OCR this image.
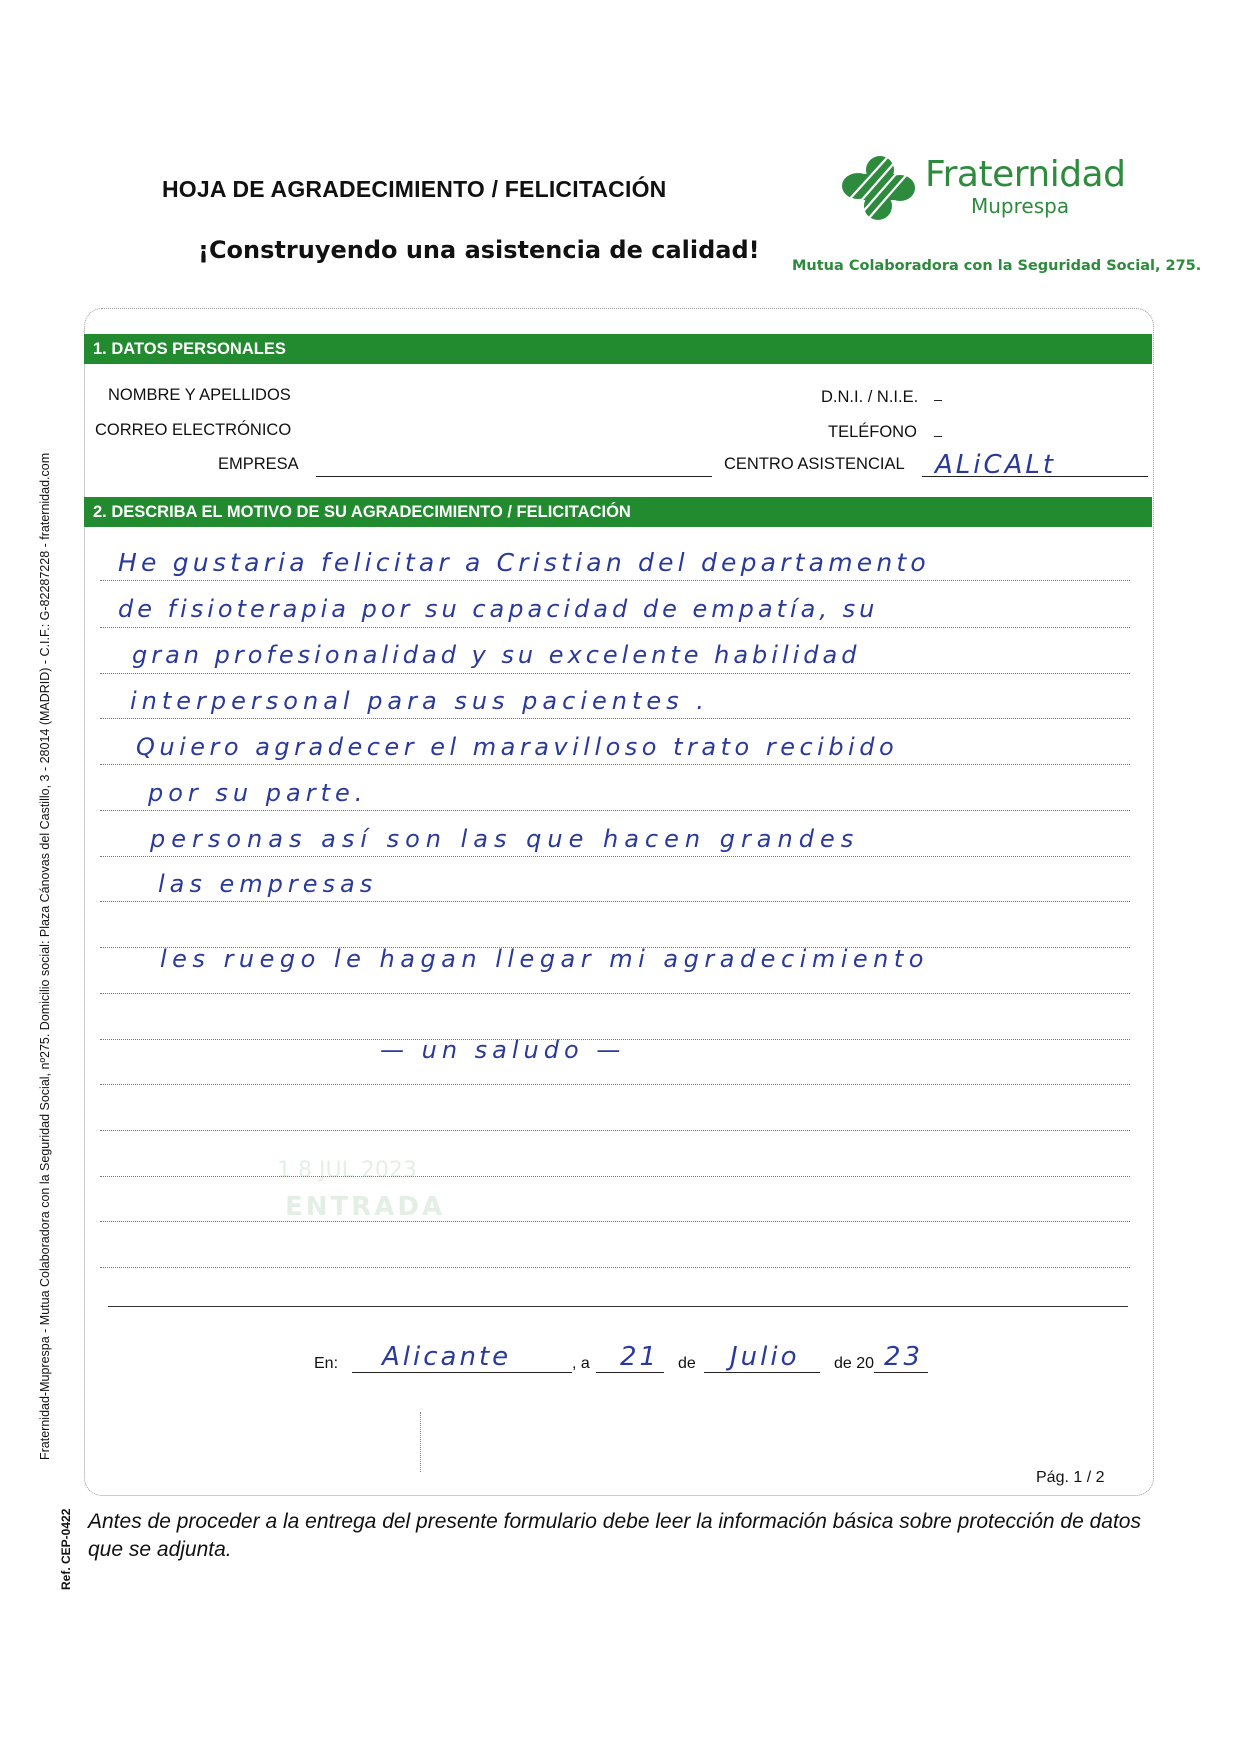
HOJA DE AGRADECIMIENTO / FELICITACIÓN
¡Construyendo una asistencia de calidad!
Fraternidad
Muprespa
Mutua Colaboradora con la Seguridad Social, 275.
1. DATOS PERSONALES
NOMBRE Y APELLIDOS
CORREO ELECTRÓNICO
EMPRESA
D.N.I. / N.I.E.
TELÉFONO
CENTRO ASISTENCIAL ALiCALt
2. DESCRIBA EL MOTIVO DE SU AGRADECIMIENTO / FELICITACIÓN
1 8 JUL 2023
ENTRADA
He gustaria felicitar a Cristian del departamento
de fisioterapia por su capacidad de empatía, su
gran profesionalidad y su excelente habilidad
interpersonal para sus pacientes .
Quiero agradecer el maravilloso trato recibido
por su parte.
personas así son las que hacen grandes
las empresas
les ruego le hagan llegar mi agradecimiento
— un saludo —
En: Alicante	, a 21 de Julio de 20 23
Pág. 1 / 2
Antes de proceder a la entrega del presente formulario debe leer la información básica sobre protección de datos que se adjunta.
Fraternidad-Muprespa - Mutua Colaboradora con la Seguridad Social, nº275. Domicilio social: Plaza Cánovas del Castillo, 3 - 28014 (MADRID) - C.I.F.: G-82287228 - fraternidad.com
Ref. CEP-0422
